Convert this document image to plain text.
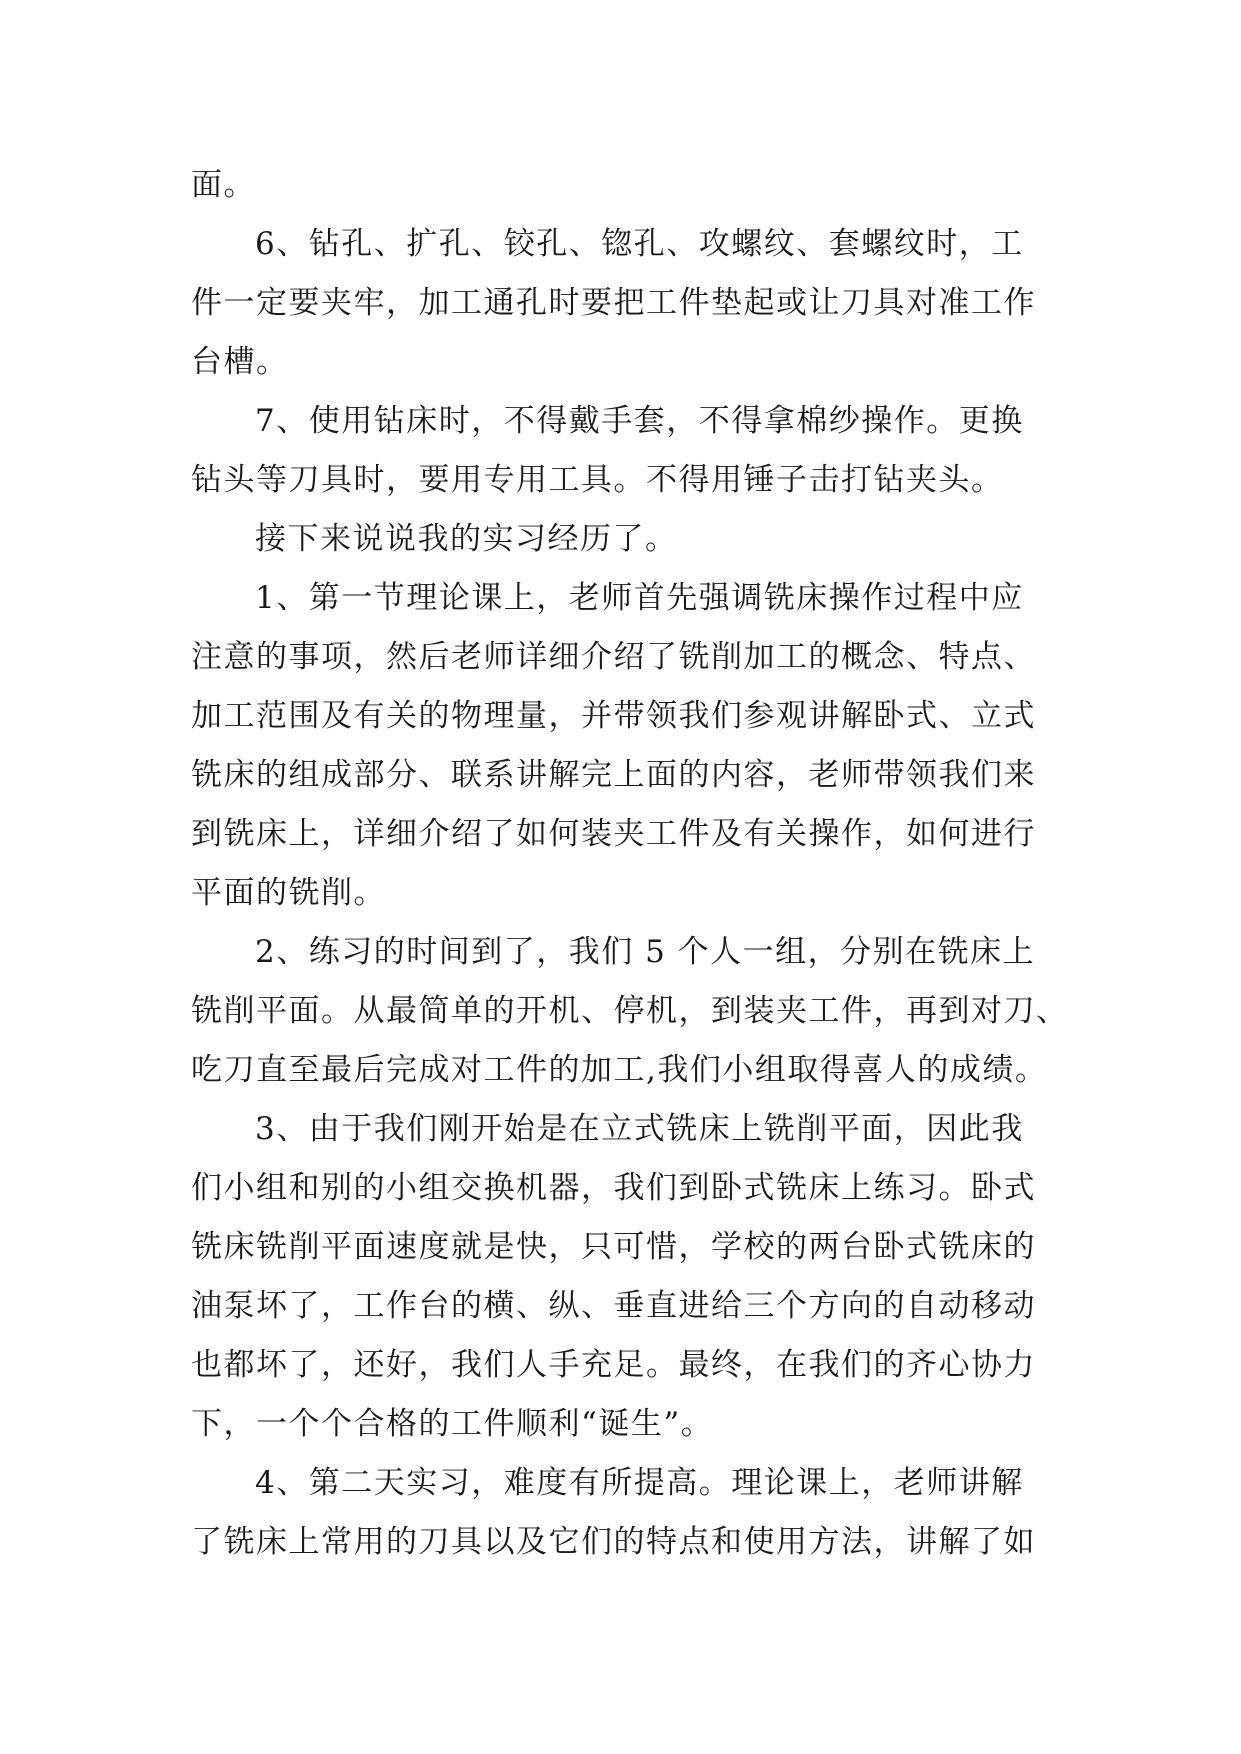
面。
6、钻孔、扩孔、铰孔、锪孔、攻螺纹、套螺纹时，工
件一定要夹牢，加工通孔时要把工件垫起或让刀具对准工作
台槽。
7、使用钻床时，不得戴手套，不得拿棉纱操作。更换
钻头等刀具时，要用专用工具。不得用锤子击打钻夹头。
接下来说说我的实习经历了。
1、第一节理论课上，老师首先强调铣床操作过程中应
注意的事项，然后老师详细介绍了铣削加工的概念、特点、
加工范围及有关的物理量，并带领我们参观讲解卧式、立式
铣床的组成部分、联系讲解完上面的内容，老师带领我们来
到铣床上，详细介绍了如何装夹工件及有关操作，如何进行
平面的铣削。
2、练习的时间到了，我们 5 个人一组，分别在铣床上
铣削平面。从最简单的开机、停机，到装夹工件，再到对刀、
吃刀直至最后完成对工件的加工,我们小组取得喜人的成绩。
3、由于我们刚开始是在立式铣床上铣削平面，因此我
们小组和别的小组交换机器，我们到卧式铣床上练习。卧式
铣床铣削平面速度就是快，只可惜，学校的两台卧式铣床的
油泵坏了，工作台的横、纵、垂直进给三个方向的自动移动
也都坏了，还好，我们人手充足。最终，在我们的齐心协力
下，一个个合格的工件顺利“诞生”。
4、第二天实习，难度有所提高。理论课上，老师讲解
了铣床上常用的刀具以及它们的特点和使用方法，讲解了如
